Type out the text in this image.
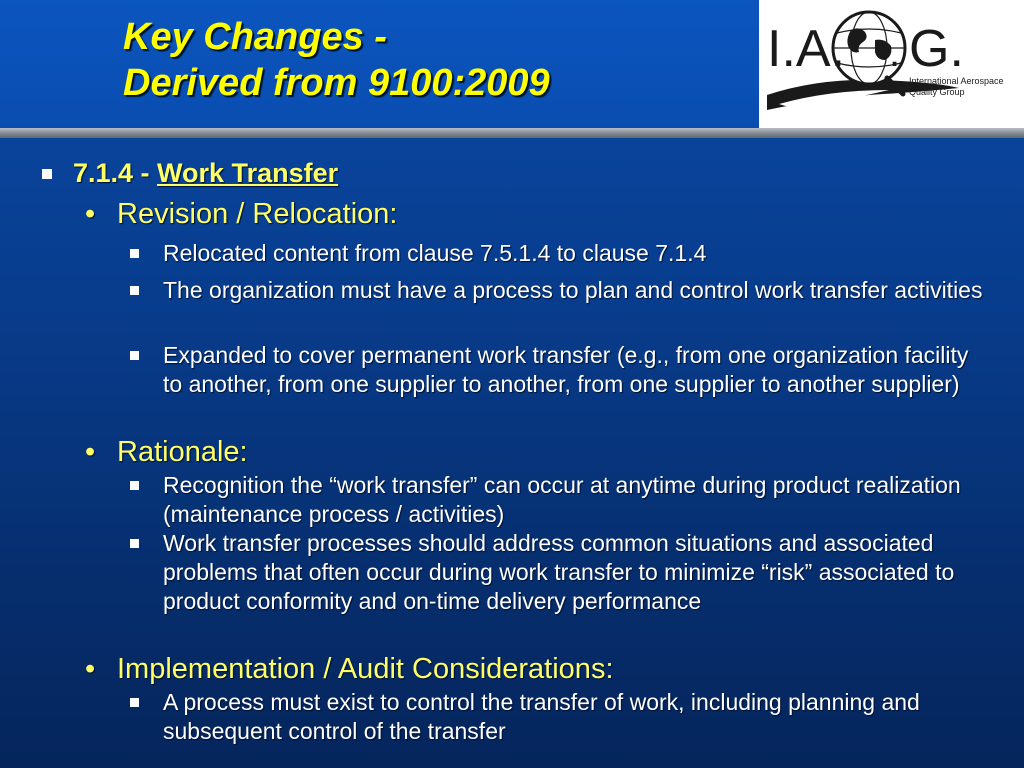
Key Changes -
Derived from 9100:2009
I.A. G.
International Aerospace
Quality Group
.

7.1.4 - Work Transfer

• Revision / Relocation:

Relocated content from clause 7.5.1.4 to clause 7.1.4

The organization must have a process to plan and control work transfer activities

Expanded to cover permanent work transfer (e.g., from one organization facility to another, from one supplier to another, from one supplier to another supplier)

• Rationale:

Recognition the “work transfer” can occur at anytime during product realization (maintenance process / activities)

Work transfer processes should address common situations and associated problems that often occur during work transfer to minimize “risk” associated to product conformity and on-time delivery performance

• Implementation / Audit Considerations:

A process must exist to control the transfer of work, including planning and subsequent control of the transfer
